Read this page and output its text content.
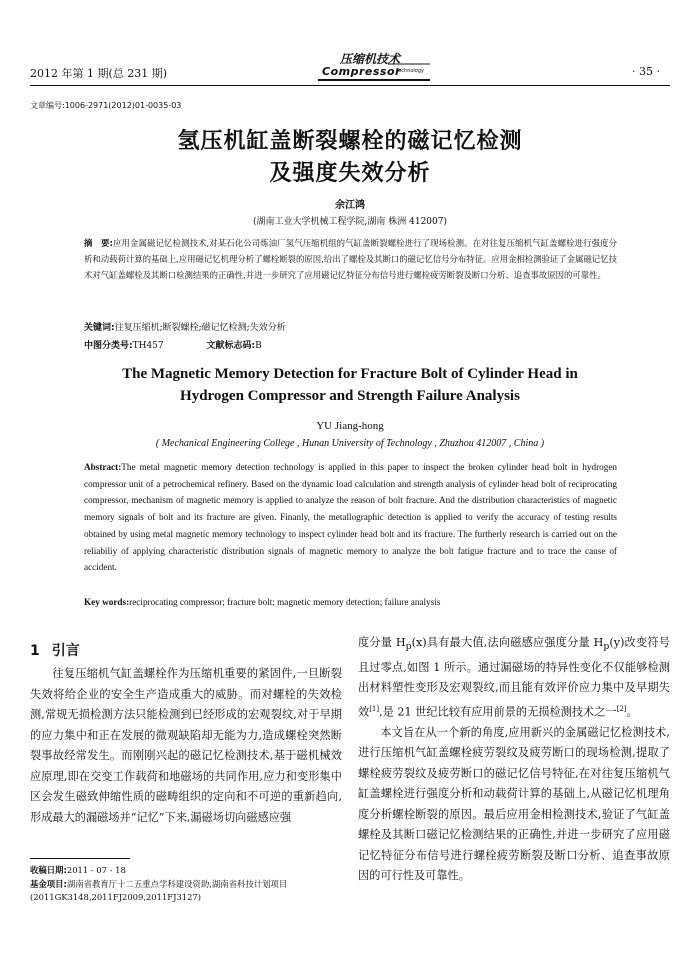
2012 年第 1 期(总 231 期)
压缩机技术
Compressor
Technology	· 35 ·
文章编号:1006-2971(2012)01-0035-03
氢压机缸盖断裂螺栓的磁记忆检测
及强度失效分析
余江鸿
(湖南工业大学机械工程学院,湖南 株洲 412007)
摘　要:应用金属磁记忆检测技术,对某石化公司炼油厂氢气压缩机组的气缸盖断裂螺栓进行了现场检测。在对往复压缩机气缸盖螺栓进行强度分析和动载荷计算的基础上,应用磁记忆机理分析了螺栓断裂的原因,给出了螺栓及其断口的磁记忆信号分布特征。应用金相检测验证了金属磁记忆技术对气缸盖螺栓及其断口检测结果的正确性,并进一步研究了应用磁记忆特征分布信号进行螺栓疲劳断裂及断口分析、追查事故原因的可靠性。
关键词:往复压缩机;断裂螺栓;磁记忆检测;失效分析
中图分类号:TH457	文献标志码:B
The Magnetic Memory Detection for Fracture Bolt of Cylinder Head in
Hydrogen Compressor and Strength Failure Analysis
YU Jiang-hong
( Mechanical Engineering College , Hunan University of Technology , Zhuzhou 412007 , China )
Abstract:The metal magnetic memory detection technology is applied in this paper to inspect the broken cylinder head bolt in hydrogen compressor unit of a petrochemical refinery. Based on the dynamic load calculation and strength analysis of cylinder head bolt of reciprocating compressor, mechanism of magnetic memory is applied to analyze the reason of bolt fracture. And the distribution characteristics of magnetic memory signals of bolt and its fracture are given. Finanly, the metallographic detection is applied to verify the accuracy of testing results obtained by using metal magnetic memory technology to inspect cylinder head bolt and its fracture. The furtherly research is carried out on the reliabiliy of applying characteristic distribution signals of magnetic memory to analyze the bolt fatigue fracture and to trace the cause of accident.
Key words:reciprocating compressor; fracture bolt; magnetic memory detection; failure analysis
1 引言

往复压缩机气缸盖螺栓作为压缩机重要的紧固件,一旦断裂失效将给企业的安全生产造成重大的威胁。而对螺栓的失效检测,常规无损检测方法只能检测到已经形成的宏观裂纹,对于早期的应力集中和正在发展的微观缺陷却无能为力,造成螺栓突然断裂事故经常发生。而刚刚兴起的磁记忆检测技术,基于磁机械效应原理,即在交变工作载荷和地磁场的共同作用,应力和变形集中区会发生磁致伸缩性质的磁畴组织的定向和不可逆的重新趋向,形成最大的漏磁场并“记忆”下来,漏磁场切向磁感应强

度分量 $H_p(x)$具有最大值,法向磁感应强度分量 $H_p(y)$改变符号且过零点,如图 1 所示。通过漏磁场的特异性变化不仅能够检测出材料塑性变形及宏观裂纹,而且能有效评价应力集中及早期失效[1],是 21 世纪比较有应用前景的无损检测技术之一[2]。

本文旨在从一个新的角度,应用新兴的金属磁记忆检测技术,进行压缩机气缸盖螺栓疲劳裂纹及疲劳断口的现场检测,提取了螺栓疲劳裂纹及疲劳断口的磁记忆信号特征,在对往复压缩机气缸盖螺栓进行强度分析和动载荷计算的基础上,从磁记忆机理角度分析螺栓断裂的原因。最后应用金相检测技术,验证了气缸盖螺栓及其断口磁记忆检测结果的正确性,并进一步研究了应用磁记忆特征分布信号进行螺栓疲劳断裂及断口分析、追查事故原因的可行性及可靠性。

收稿日期:2011 - 07 - 18
基金项目:湖南省教育厅十二五重点学科建设资助,湖南省科技计划项目(2011GK3148,2011FJ2009,2011FJ3127)
